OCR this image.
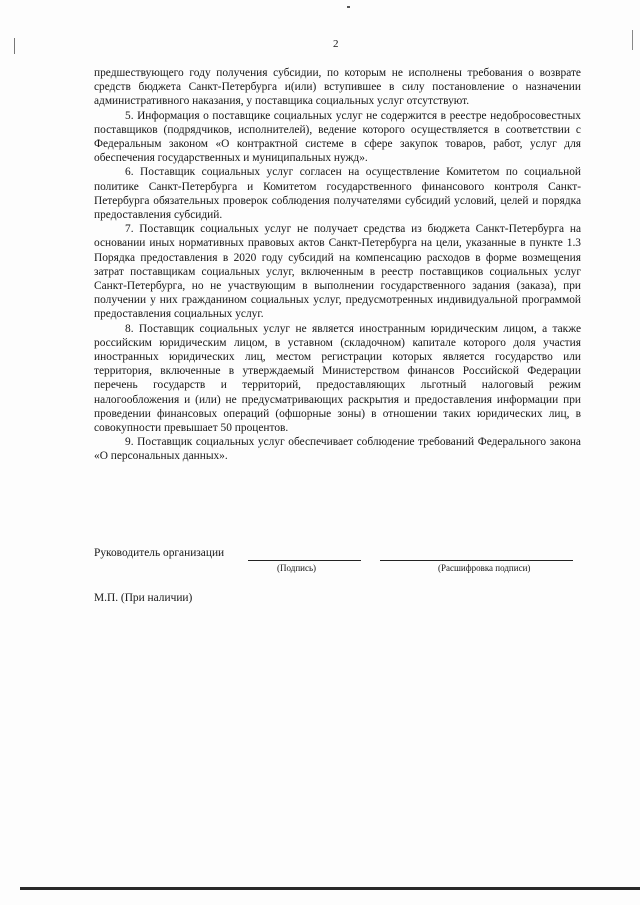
2

предшествующего году получения субсидии, по которым не исполнены требования о возврате средств бюджета Санкт-Петербурга и(или) вступившее в силу постановление о назначении административного наказания, у поставщика социальных услуг отсутствуют.

5. Информация о поставщике социальных услуг не содержится в реестре недобросовестных поставщиков (подрядчиков, исполнителей), ведение которого осуществляется в соответствии с Федеральным законом «О контрактной системе в сфере закупок товаров, работ, услуг для обеспечения государственных и муниципальных нужд».

6. Поставщик социальных услуг согласен на осуществление Комитетом по социальной политике Санкт-Петербурга и Комитетом государственного финансового контроля Санкт-Петербурга обязательных проверок соблюдения получателями субсидий условий, целей и порядка предоставления субсидий.

7. Поставщик социальных услуг не получает средства из бюджета Санкт-Петербурга на основании иных нормативных правовых актов Санкт-Петербурга на цели, указанные в пункте 1.3 Порядка предоставления в 2020 году субсидий на компенсацию расходов в форме возмещения затрат поставщикам социальных услуг, включенным в реестр поставщиков социальных услуг Санкт-Петербурга, но не участвующим в выполнении государственного задания (заказа), при получении у них гражданином социальных услуг, предусмотренных индивидуальной программой предоставления социальных услуг.

8. Поставщик социальных услуг не является иностранным юридическим лицом, а также российским юридическим лицом, в уставном (складочном) капитале которого доля участия иностранных юридических лиц, местом регистрации которых является государство или территория, включенные в утверждаемый Министерством финансов Российской Федерации перечень государств и территорий, предоставляющих льготный налоговый режим налогообложения и (или) не предусматривающих раскрытия и предоставления информации при проведении финансовых операций (офшорные зоны) в отношении таких юридических лиц, в совокупности превышает 50 процентов.

9. Поставщик социальных услуг обеспечивает соблюдение требований Федерального закона «О персональных данных».

Руководитель организации
(Подпись)	(Расшифровка подписи)
М.П. (При наличии)
